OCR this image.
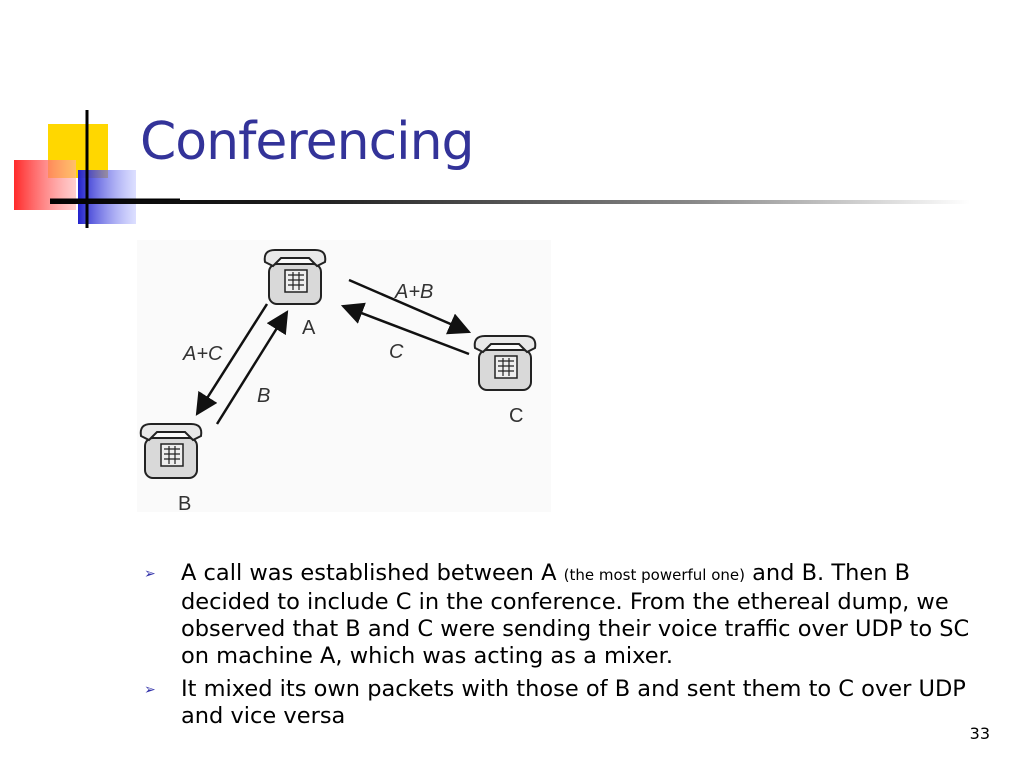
Conferencing
A
B
C
A+B
C
A+C
B
➢ A call was established between A (the most powerful one) and B. Then B decided to include C in the conference. From the ethereal dump, we observed that B and C were sending their voice traffic over UDP to SC on machine A, which was acting as a mixer.
➢ It mixed its own packets with those of B and sent them to C over UDP and vice versa
33
